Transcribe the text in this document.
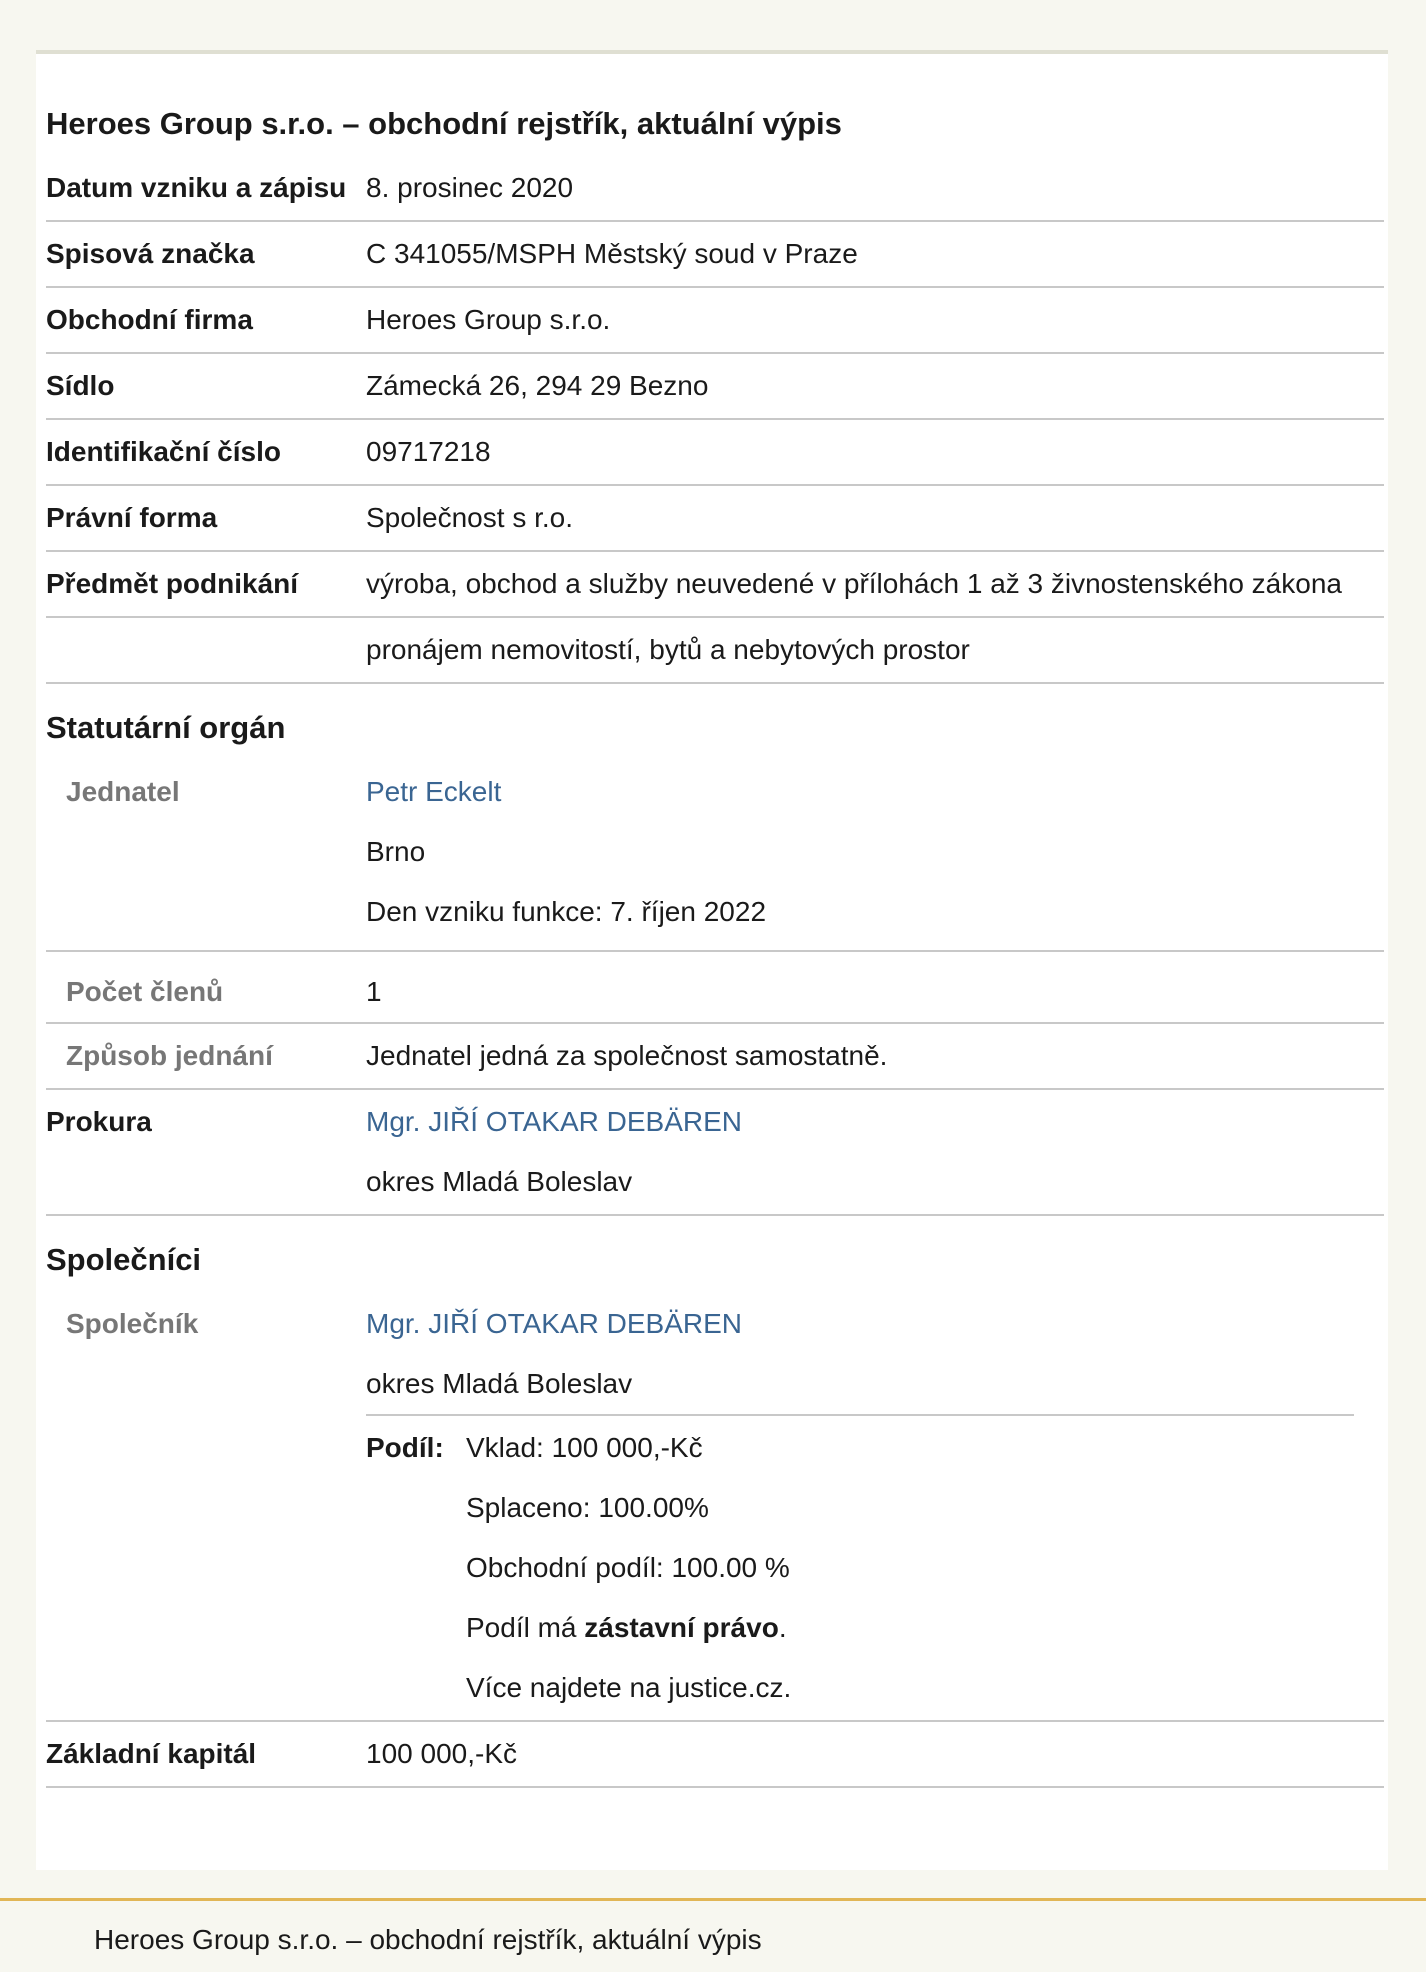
Heroes Group s.r.o. – obchodní rejstřík, aktuální výpis
Datum vzniku a zápisu 8. prosinec 2020
Spisová značka	C 341055/MSPH Městský soud v Praze
Obchodní firma	Heroes Group s.r.o.
Sídlo	Zámecká 26, 294 29 Bezno
Identifikační číslo	09717218
Právní forma	Společnost s r.o.
Předmět podnikání	výroba, obchod a služby neuvedené v přílohách 1 až 3 živnostenského zákona
pronájem nemovitostí, bytů a nebytových prostor
Statutární orgán
Jednatel	Petr Eckelt
Brno
Den vzniku funkce: 7. říjen 2022
Počet členů	1
Způsob jednání	Jednatel jedná za společnost samostatně.
Prokura	Mgr. JIŘÍ OTAKAR DEBÄREN
okres Mladá Boleslav
Společníci
Společník	Mgr. JIŘÍ OTAKAR DEBÄREN
okres Mladá Boleslav
Podíl: Vklad: 100 000,-Kč
Splaceno: 100.00%
Obchodní podíl: 100.00 %
Podíl má zástavní právo.
Více najdete na justice.cz.
Základní kapitál	100 000,-Kč
Heroes Group s.r.o. – obchodní rejstřík, aktuální výpis
